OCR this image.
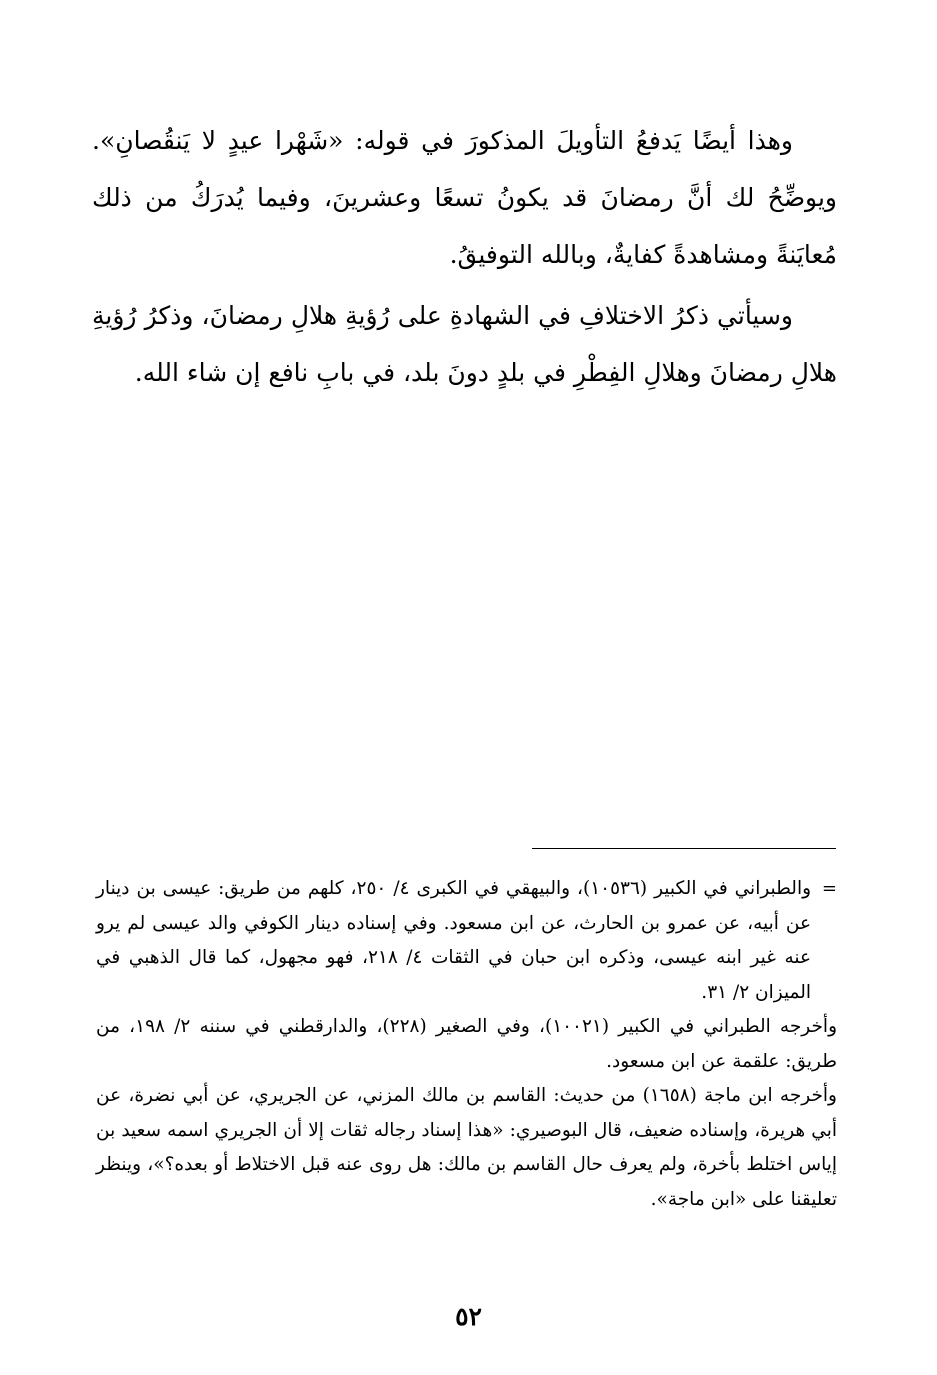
وهذا أيضًا يَدفعُ التأويلَ المذكورَ في قوله: «شَهْرا عيدٍ لا يَنقُصانِ». ويوضِّحُ لك أنَّ رمضانَ قد يكونُ تسعًا وعشرينَ، وفيما يُدرَكُ من ذلك مُعايَنةً ومشاهدةً كفايةٌ، وبالله التوفيقُ.

وسيأتي ذكرُ الاختلافِ في الشهادةِ على رُؤيةِ هلالِ رمضانَ، وذكرُ رُؤيةِ هلالِ رمضانَ وهلالِ الفِطْرِ في بلدٍ دونَ بلد، في بابِ نافع إن شاء الله.

=
والطبراني في الكبير (١٠٥٣٦)، والبيهقي في الكبرى ٤/ ٢٥٠، كلهم من طريق: عيسى بن دينار عن أبيه، عن عمرو بن الحارث، عن ابن مسعود. وفي إسناده دينار الكوفي والد عيسى لم يرو عنه غير ابنه عيسى، وذكره ابن حبان في الثقات ٤/ ٢١٨، فهو مجهول، كما قال الذهبي في الميزان ٢/ ٣١.

وأخرجه الطبراني في الكبير (١٠٠٢١)، وفي الصغير (٢٢٨)، والدارقطني في سننه ٢/ ١٩٨، من طريق: علقمة عن ابن مسعود.

وأخرجه ابن ماجة (١٦٥٨) من حديث: القاسم بن مالك المزني، عن الجريري، عن أبي نضرة، عن أبي هريرة، وإسناده ضعيف، قال البوصيري: «هذا إسناد رجاله ثقات إلا أن الجريري اسمه سعيد بن إياس اختلط بأخرة، ولم يعرف حال القاسم بن مالك: هل روى عنه قبل الاختلاط أو بعده؟»، وينظر تعليقنا على «ابن ماجة».

٥٢
